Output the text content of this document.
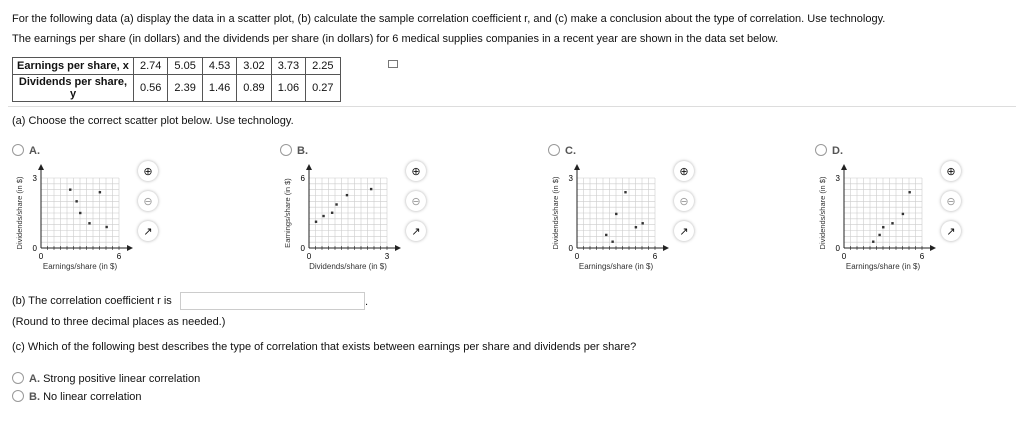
For the following data (a) display the data in a scatter plot, (b) calculate the sample correlation coefficient r, and (c) make a conclusion about the type of correlation. Use technology.
The earnings per share (in dollars) and the dividends per share (in dollars) for 6 medical supplies companies in a recent year are shown in the data set below.
Earnings per share, x	2.74	5.05	4.53	3.02	3.73	2.25
Dividends per share, y	0.56	2.39	1.46	0.89	1.06	0.27
(a) Choose the correct scatter plot below. Use technology.
A.
3
0
0	6
Earnings/share (in $)
Dividends/share (in $)
⊕
⊖
↗
B.
6
0
0	3
Dividends/share (in $)
Earnings/share (in $)
⊕
⊖
↗
C.
3
0
0	6
Earnings/share (in $)
Dividends/share (in $)
⊕
⊖
↗
D.
3
0
0	6
Earnings/share (in $)
Dividends/share (in $)
⊕
⊖
↗
(b) The correlation coefficient r is	.
(Round to three decimal places as needed.)
(c) Which of the following best describes the type of correlation that exists between earnings per share and dividends per share?
A. Strong positive linear correlation
B. No linear correlation
